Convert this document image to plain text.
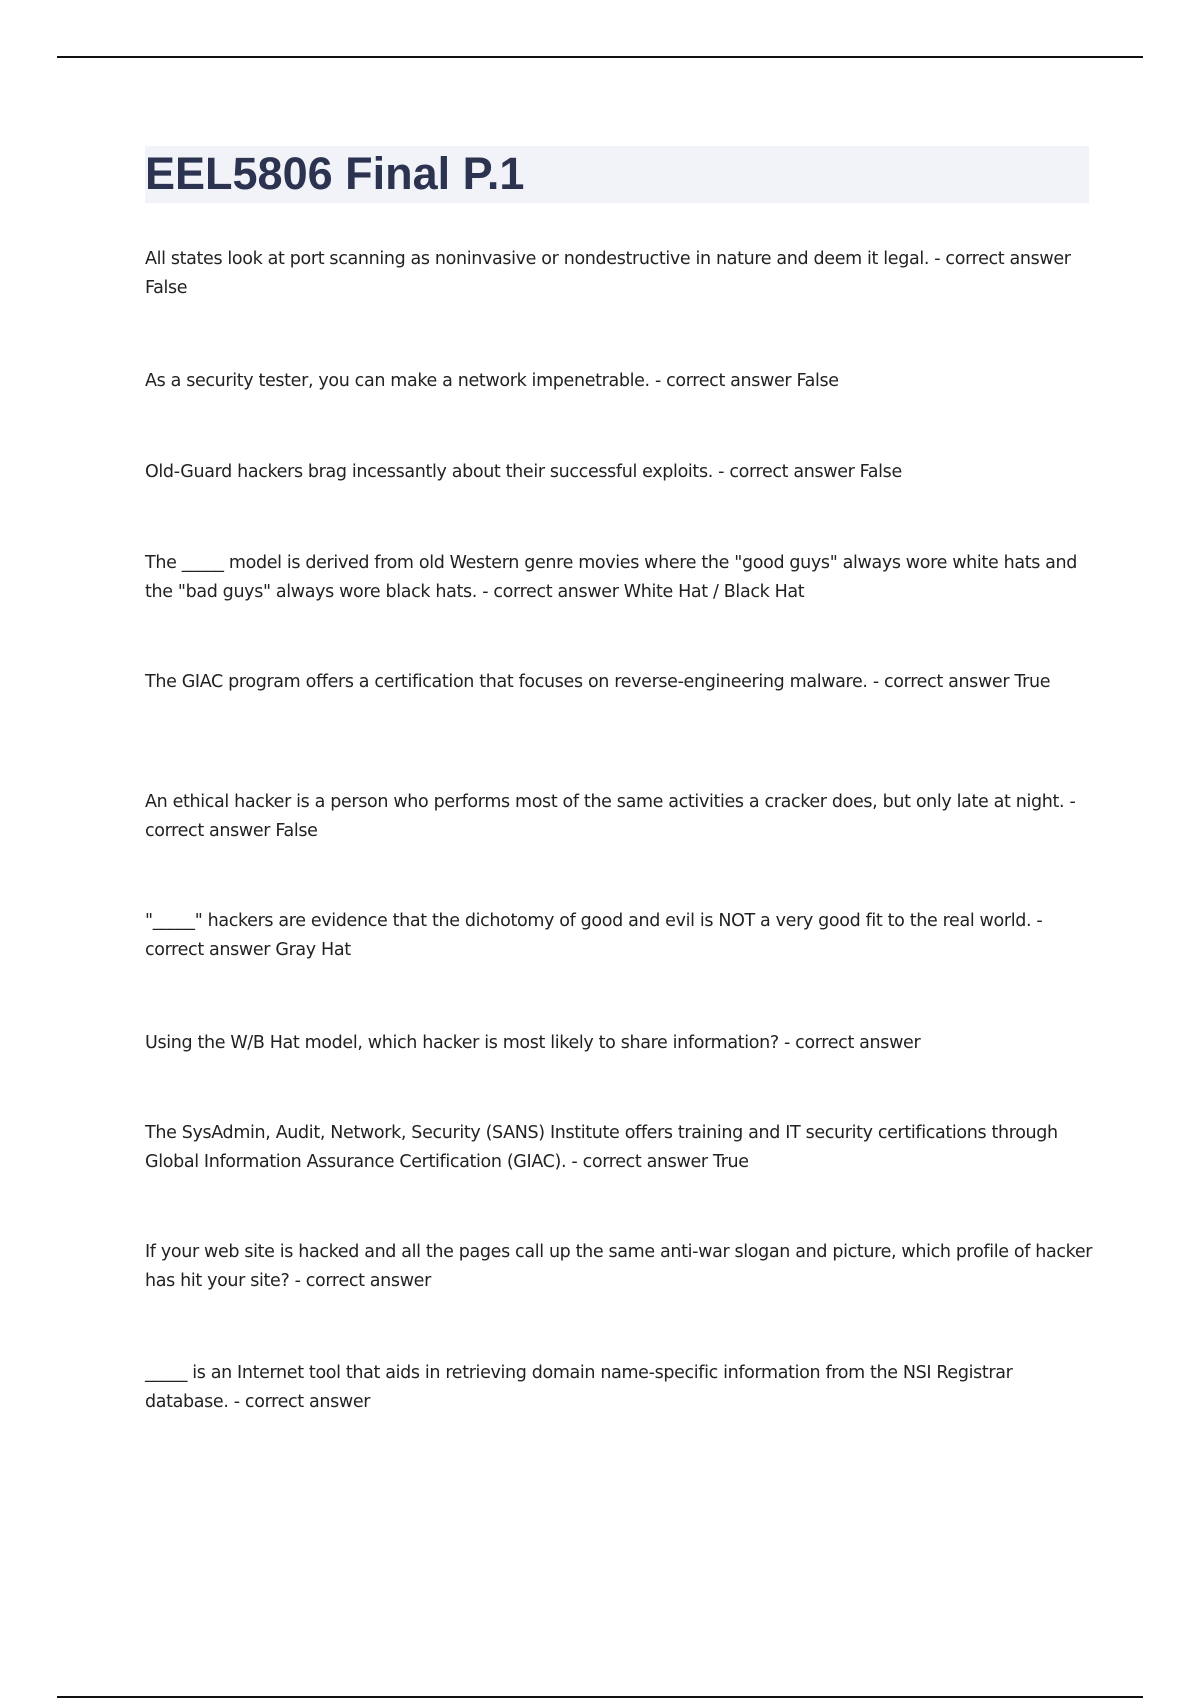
EEL5806 Final P.1

All states look at port scanning as noninvasive or nondestructive in nature and deem it legal. - correct answer False

As a security tester, you can make a network impenetrable. - correct answer False

Old-Guard hackers brag incessantly about their successful exploits. - correct answer False

The _____ model is derived from old Western genre movies where the "good guys" always wore white hats and the "bad guys" always wore black hats. - correct answer White Hat / Black Hat

The GIAC program offers a certification that focuses on reverse-engineering malware. - correct answer True

An ethical hacker is a person who performs most of the same activities a cracker does, but only late at night. - correct answer False

"_____" hackers are evidence that the dichotomy of good and evil is NOT a very good fit to the real world. - correct answer Gray Hat

Using the W/B Hat model, which hacker is most likely to share information? - correct answer

The SysAdmin, Audit, Network, Security (SANS) Institute offers training and IT security certifications through Global Information Assurance Certification (GIAC). - correct answer True

If your web site is hacked and all the pages call up the same anti-war slogan and picture, which profile of hacker has hit your site? - correct answer

_____ is an Internet tool that aids in retrieving domain name-specific information from the NSI Registrar database. - correct answer
